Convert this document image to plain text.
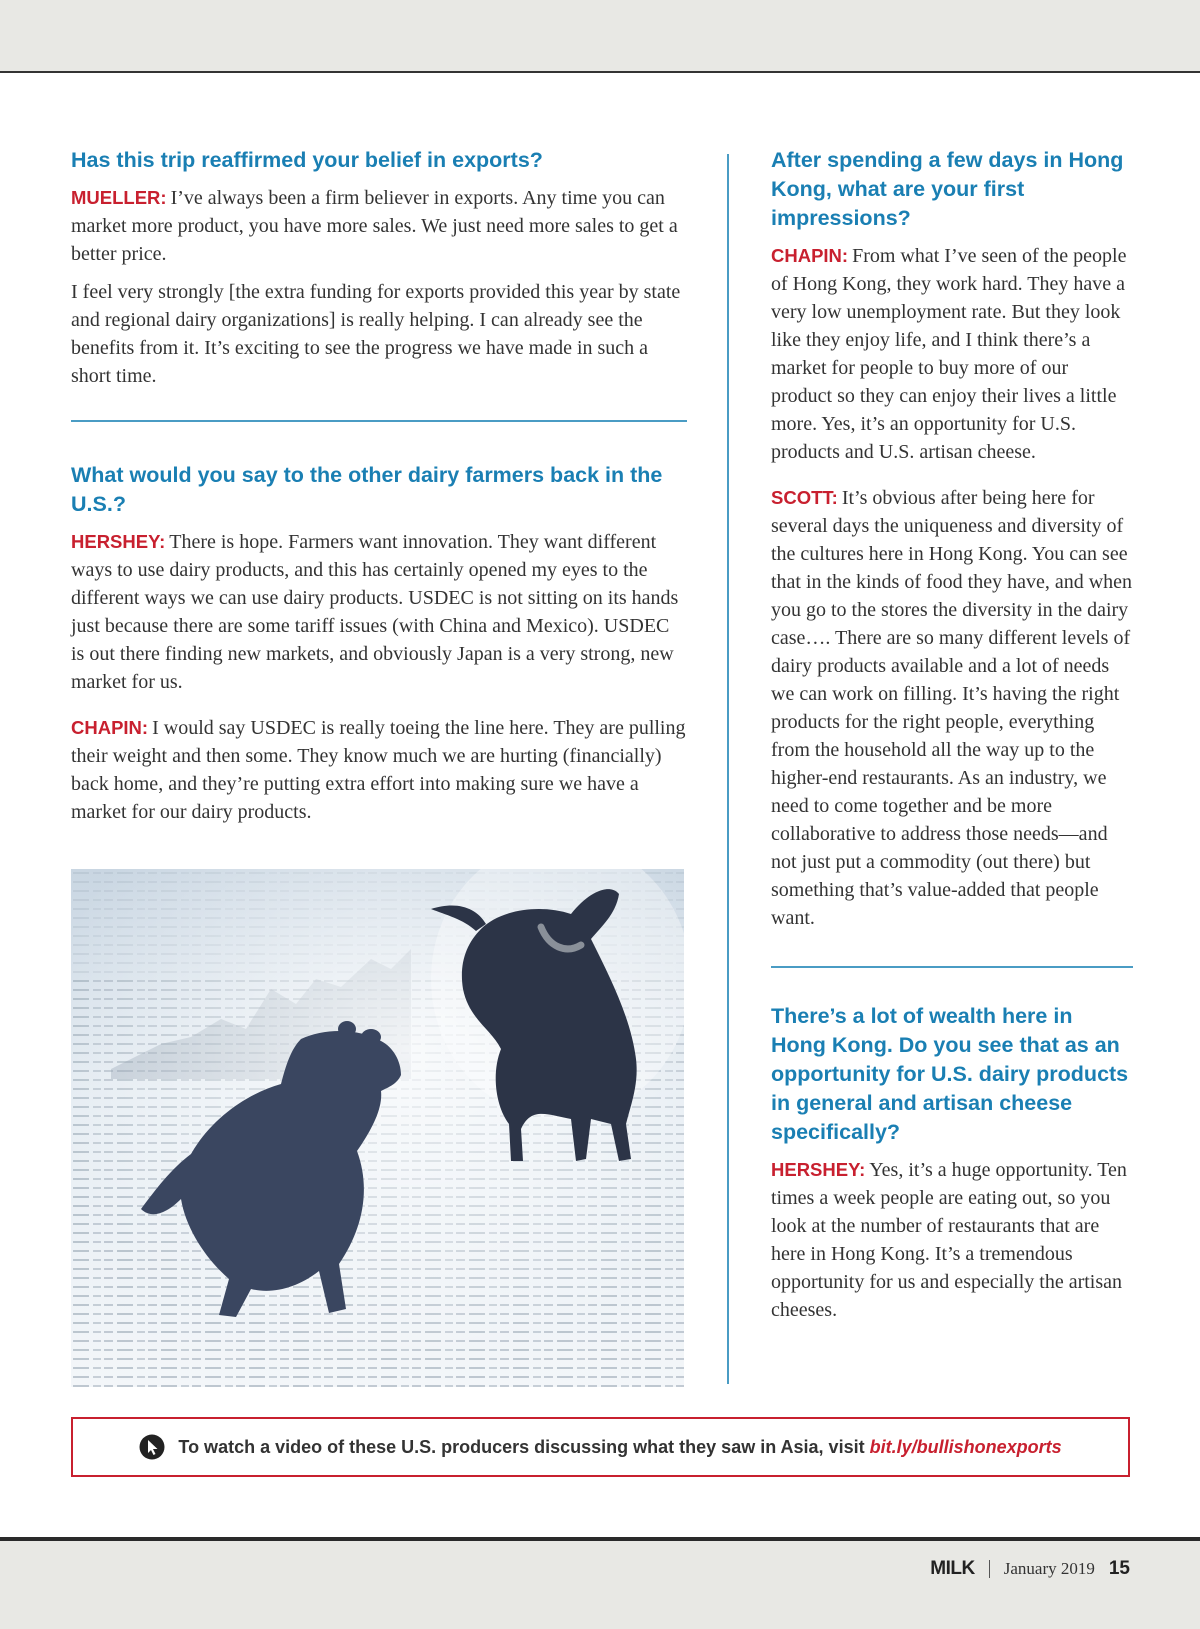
Has this trip reaffirmed your belief in exports?

MUELLER: I’ve always been a firm believer in exports. Any time you can market more product, you have more sales. We just need more sales to get a better price.

I feel very strongly [the extra funding for exports provided this year by state and regional dairy organizations] is really helping. I can already see the benefits from it. It’s exciting to see the progress we have made in such a short time.

What would you say to the other dairy farmers back in the U.S.?

HERSHEY: There is hope. Farmers want innovation. They want different ways to use dairy products, and this has certainly opened my eyes to the different ways we can use dairy products. USDEC is not sitting on its hands just because there are some tariff issues (with China and Mexico). USDEC is out there finding new markets, and obviously Japan is a very strong, new market for us.

CHAPIN: I would say USDEC is really toeing the line here. They are pulling their weight and then some. They know much we are hurting (financially) back home, and they’re putting extra effort into making sure we have a market for our dairy products.

After spending a few days in Hong Kong, what are your first impressions?

CHAPIN: From what I’ve seen of the people of Hong Kong, they work hard. They have a very low unemployment rate. But they look like they enjoy life, and I think there’s a market for people to buy more of our product so they can enjoy their lives a little more. Yes, it’s an opportunity for U.S. products and U.S. artisan cheese.

SCOTT: It’s obvious after being here for several days the uniqueness and diversity of the cultures here in Hong Kong. You can see that in the kinds of food they have, and when you go to the stores the diversity in the dairy case…. There are so many different levels of dairy products available and a lot of needs we can work on filling. It’s having the right products for the right people, everything from the household all the way up to the higher-end restaurants. As an industry, we need to come together and be more collaborative to address those needs—and not just put a commodity (out there) but something that’s value-added that people want.

There’s a lot of wealth here in Hong Kong. Do you see that as an opportunity for U.S. dairy products in general and artisan cheese specifically?

HERSHEY: Yes, it’s a huge opportunity. Ten times a week people are eating out, so you look at the number of restaurants that are here in Hong Kong. It’s a tremendous opportunity for us and especially the artisan cheeses.

To watch a video of these U.S. producers discussing what they saw in Asia, visit bit.ly/bullishonexports
MILK January 2019 15
